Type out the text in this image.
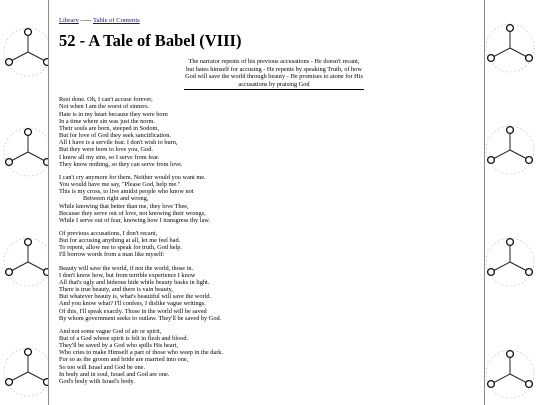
Library ----- Table of Contents
52 - A Tale of Babel (VIII)
The narrator repents of his previous accusations - He doesn't recant, but hates himself for accusing - He repents by speaking Truth, of how God will save the world through beauty - He promises to atone for His accusations by praising God
Rest done. Oh, I can't accuse forever,
Not when I am the worst of sinners.
Hate is in my heart because they were born
In a time where sin was just the norm.
Their souls are born, steeped in Sodom,
But for love of God they seek sanctification.
All I have is a servile fear. I don't wish to burn,
But they were born to love you, God.
I know all my sins, so I serve from fear.
They know nothing, so they can serve from love.
I can't cry anymore for them. Neither would you want me.
You would have me say, "Please God, help me."
This is my cross, to live amidst people who know not
Between right and wrong,
While knowing that better than me, they love Thee,
Because they serve out of love, not knowing their wrongs,
While I serve out of fear, knowing how I transgress thy law.
Of previous accusations, I don't recant,
But for accusing anything at all, let me feel bad.
To repent, allow me to speak for truth, God help.
I'll borrow words from a man like myself:
Beauty will save the world, if not the world, those in.
I don't know how, but from terrible experience I know
All that's ugly and hideous hide while beauty basks in light.
There is true beauty, and there is vain beauty,
But whatever beauty is, what's beautiful will save the world.
And you know what? I'll confess, I dislike vague writings.
Of this, I'll speak exactly. Those in the world will be saved
By whom government seeks to outlaw. They'll be saved by God.
And not some vague God of air or spirit,
But of a God whose spirit is felt in flesh and blood.
They'll be saved by a God who spills His heart,
Who cries to make Himself a part of those who weep in the dark.
For so as the groom and bride are married into one,
So too will Israel and God be one.
In body and in soul, Israel and God are one.
God's body with Israel's body.
